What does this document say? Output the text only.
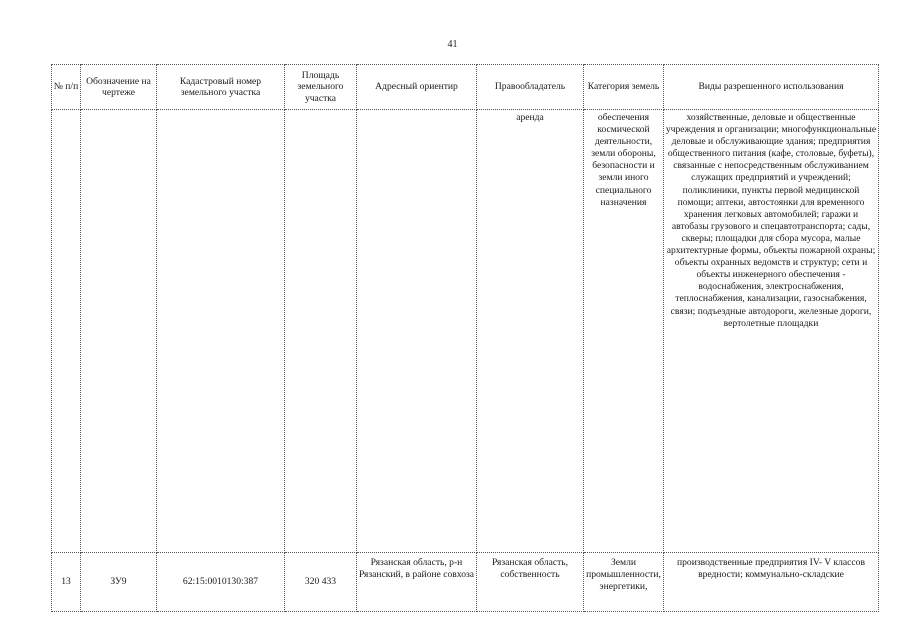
41
№ п/п	Обозначение на чертеже	Кадастровый номер земельного участка	Площадь земельного участка	Адресный ориентир	Правообладатель	Категория земель	Виды разрешенного использования
					аренда	обеспечения космической деятельности, земли обороны, безопасности и земли иного специального назначения	хозяйственные, деловые и общественные учреждения и организации; многофункциональные деловые и обслуживающие здания; предприятия общественного питания (кафе, столовые, буфеты), связанные с непосредственным обслуживанием служащих предприятий и учреждений; поликлиники, пункты первой медицинской помощи; аптеки, автостоянки для временного хранения легковых автомобилей; гаражи и автобазы грузового и спецавтотранспорта; сады, скверы; площадки для сбора мусора, малые архитектурные формы, объекты пожарной охраны; объекты охранных ведомств и структур; сети и объекты инженерного обеспечения - водоснабжения, электроснабжения, теплоснабжения, канализации, газоснабжения, связи; подъездные автодороги, железные дороги, вертолетные площадки
13	ЗУ9	62:15:0010130:387	320 433	Рязанская область, р-н Рязанский, в районе совхоза	Рязанская область, собственность	Земли промышленности, энергетики,	производственные предприятия IV- V классов вредности; коммунально-складские
